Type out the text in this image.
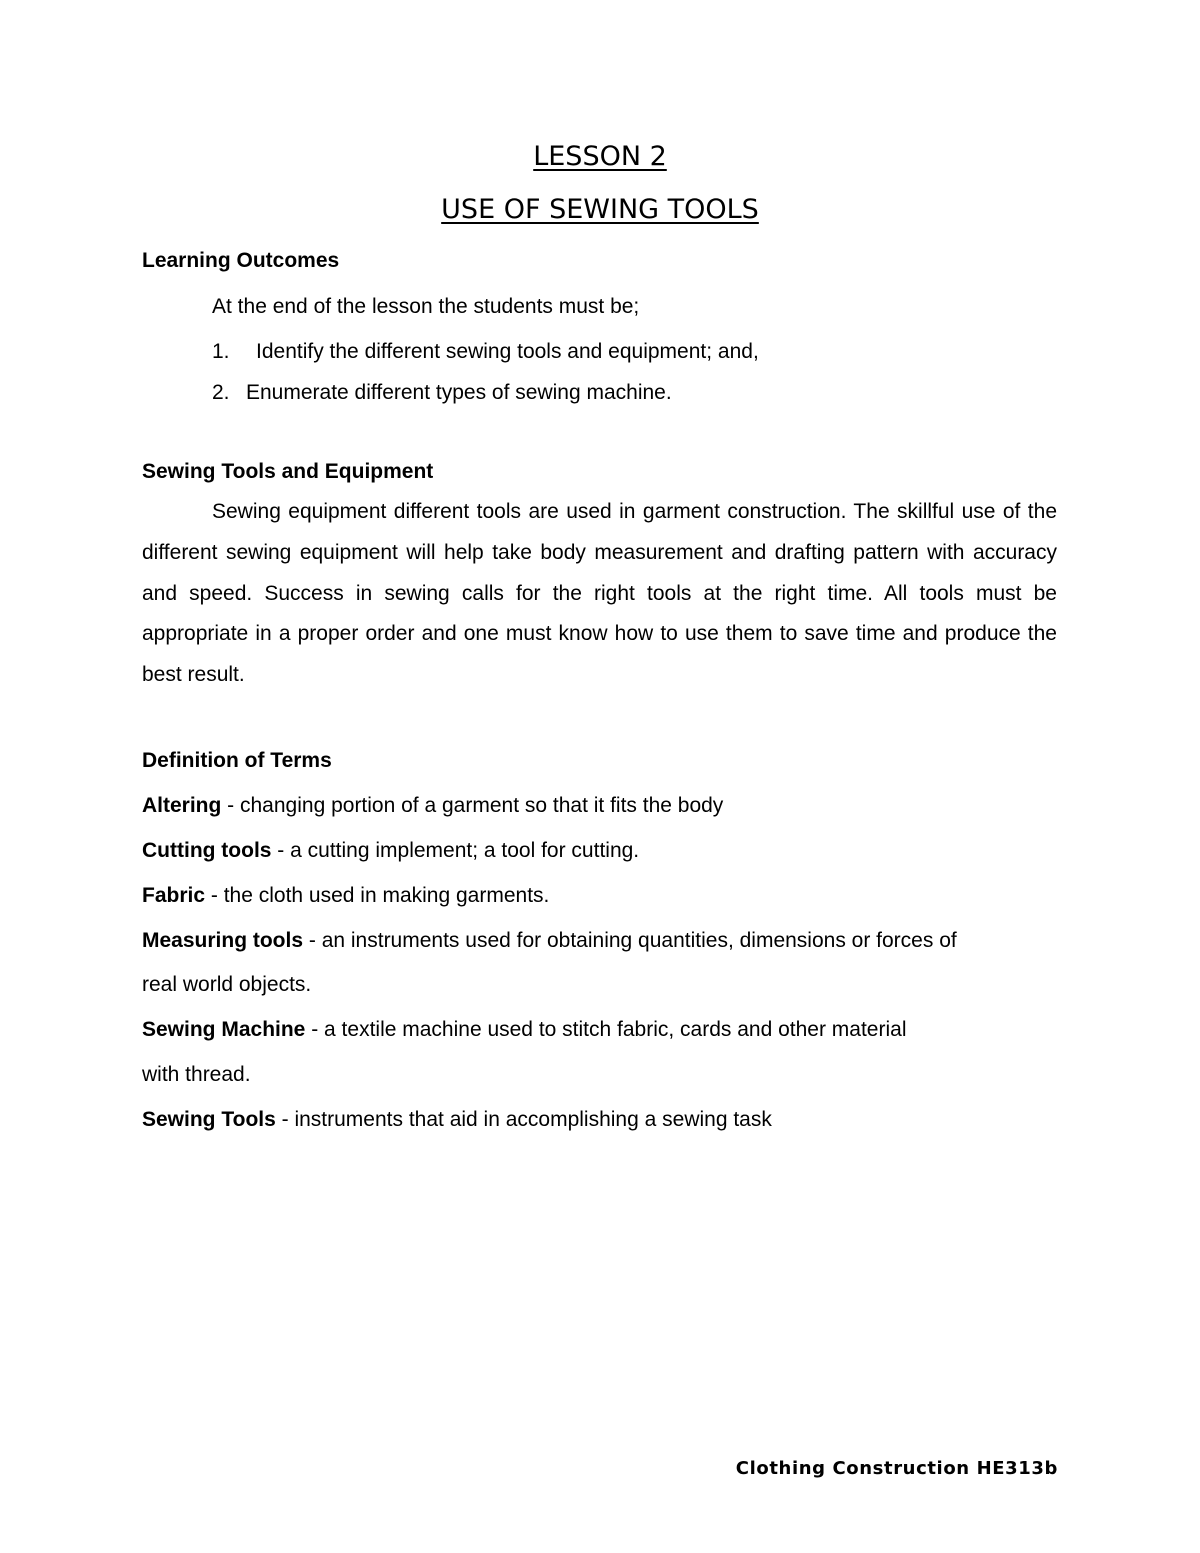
LESSON 2
USE OF SEWING TOOLS
Learning Outcomes
At the end of the lesson the students must be;
1. Identify the different sewing tools and equipment; and,
2. Enumerate different types of sewing machine.
Sewing Tools and Equipment
Sewing equipment different tools are used in garment construction. The skillful use of the different sewing equipment will help take body measurement and drafting pattern with accuracy and speed. Success in sewing calls for the right tools at the right time. All tools must be appropriate in a proper order and one must know how to use them to save time and produce the best result.
Definition of Terms
Altering - changing portion of a garment so that it fits the body
Cutting tools - a cutting implement; a tool for cutting.
Fabric - the cloth used in making garments.
Measuring tools - an instruments used for obtaining quantities, dimensions or forces of
real world objects.
Sewing Machine - a textile machine used to stitch fabric, cards and other material
with thread.
Sewing Tools - instruments that aid in accomplishing a sewing task
Clothing Construction HE313b
